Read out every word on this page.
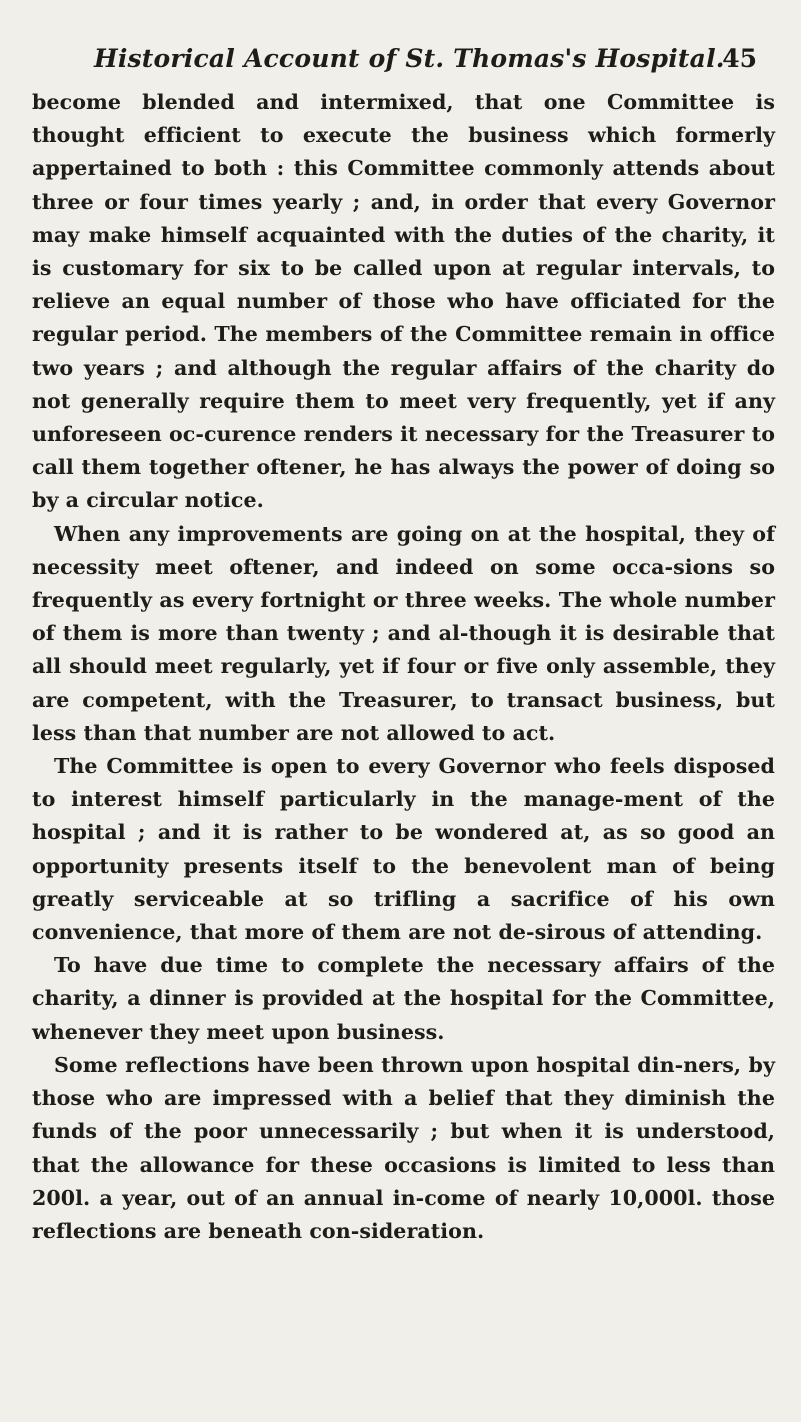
Historical Account of St. Thomas's Hospital.
45

become blended and intermixed, that one Committee is thought efficient to execute the business which formerly appertained to both : this Committee commonly attends about three or four times yearly ; and, in order that every Governor may make himself acquainted with the duties of the charity, it is customary for six to be called upon at regular intervals, to relieve an equal number of those who have officiated for the regular period. The members of the Committee remain in office two years ; and although the regular affairs of the charity do not generally require them to meet very frequently, yet if any unforeseen oc-curence renders it necessary for the Treasurer to call them together oftener, he has always the power of doing so by a circular notice.

When any improvements are going on at the hospital, they of necessity meet oftener, and indeed on some occa-sions so frequently as every fortnight or three weeks. The whole number of them is more than twenty ; and al-though it is desirable that all should meet regularly, yet if four or five only assemble, they are competent, with the Treasurer, to transact business, but less than that number are not allowed to act.

The Committee is open to every Governor who feels disposed to interest himself particularly in the manage-ment of the hospital ; and it is rather to be wondered at, as so good an opportunity presents itself to the benevolent man of being greatly serviceable at so trifling a sacrifice of his own convenience, that more of them are not de-sirous of attending.

To have due time to complete the necessary affairs of the charity, a dinner is provided at the hospital for the Committee, whenever they meet upon business.

Some reflections have been thrown upon hospital din-ners, by those who are impressed with a belief that they diminish the funds of the poor unnecessarily ; but when it is understood, that the allowance for these occasions is limited to less than 200l. a year, out of an annual in-come of nearly 10,000l. those reflections are beneath con-sideration.
